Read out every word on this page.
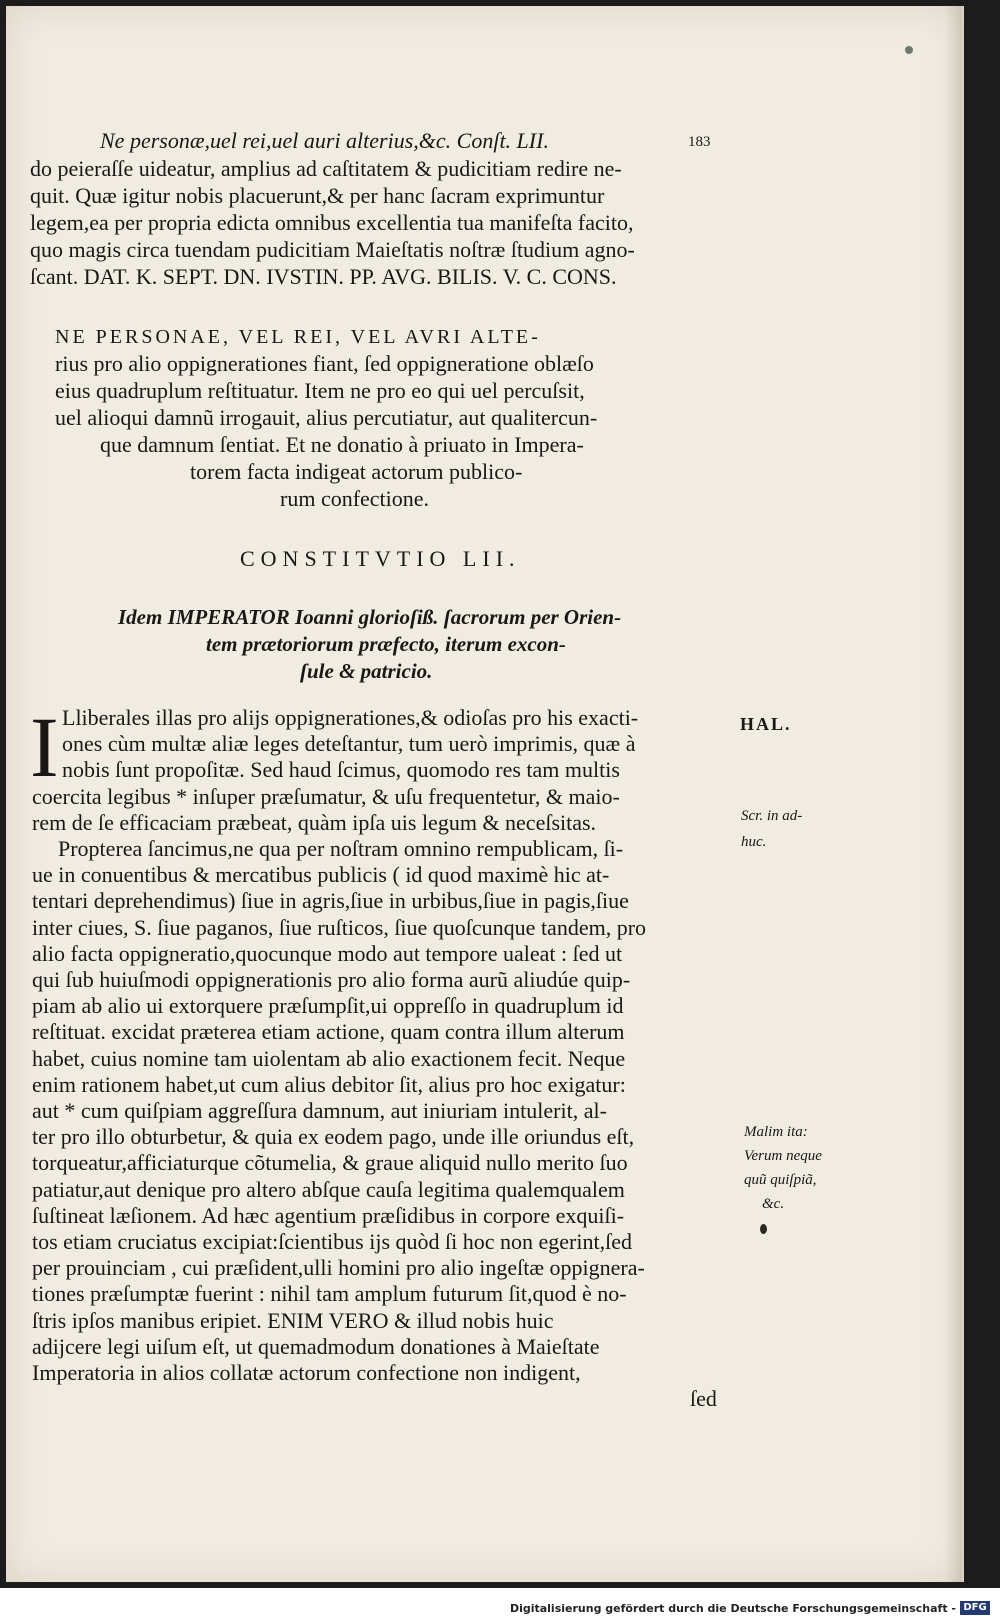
Ne personæ,uel rei,uel auri alterius,&c. Conſt. LII.	183
do peieraſſe uideatur, amplius ad caſtitatem & pudicitiam redire ne-
quit. Quæ igitur nobis placuerunt,& per hanc ſacram exprimuntur
legem,ea per propria edicta omnibus excellentia tua manifeſta facito,
quo magis circa tuendam pudicitiam Maieſtatis noſtræ ſtudium agno-
ſcant. DAT. K. SEPT. DN. IVSTIN. PP. AVG. BILIS. V. C. CONS.
NE PERSONAE, VEL REI, VEL AVRI ALTE-
rius pro alio oppignerationes fiant, ſed oppigneratione oblæſo
eius quadruplum reſtituatur. Item ne pro eo qui uel percuſsit,
uel alioqui damnũ irrogauit, alius percutiatur, aut qualitercun-
que damnum ſentiat. Et ne donatio à priuato in Impera-
torem facta indigeat actorum publico-
rum confectione.
CONSTITVTIO LII.
Idem IMPERATOR Ioanni glorioſiß. ſacrorum per Orien-
tem prætoriorum præfecto, iterum excon-
ſule & patricio.
I Lliberales illas pro alijs oppignerationes,& odioſas pro his exacti-
ones cùm multæ aliæ leges deteſtantur, tum uerò imprimis, quæ à
nobis ſunt propoſitæ. Sed haud ſcimus, quomodo res tam multis
coercita legibus * inſuper præſumatur, & uſu frequentetur, & maio-
rem de ſe efficaciam præbeat, quàm ipſa uis legum & neceſsitas.
Propterea ſancimus,ne qua per noſtram omnino rempublicam, ſi-
ue in conuentibus & mercatibus publicis ( id quod maximè hic at-
tentari deprehendimus) ſiue in agris,ſiue in urbibus,ſiue in pagis,ſiue
inter ciues, S. ſiue paganos, ſiue ruſticos, ſiue quoſcunque tandem, pro
alio facta oppigneratio,quocunque modo aut tempore ualeat : ſed ut
qui ſub huiuſmodi oppignerationis pro alio forma aurũ aliudúe quip-
piam ab alio ui extorquere præſumpſit,ui oppreſſo in quadruplum id
reſtituat. excidat præterea etiam actione, quam contra illum alterum
habet, cuius nomine tam uiolentam ab alio exactionem fecit. Neque
enim rationem habet,ut cum alius debitor ſit, alius pro hoc exigatur:
aut * cum quiſpiam aggreſſura damnum, aut iniuriam intulerit, al-
ter pro illo obturbetur, & quia ex eodem pago, unde ille oriundus eſt,
torqueatur,afficiaturque cõtumelia, & graue aliquid nullo merito ſuo
patiatur,aut denique pro altero abſque cauſa legitima qualemqualem
ſuſtineat læſionem. Ad hæc agentium præſidibus in corpore exquiſi-
tos etiam cruciatus excipiat:ſcientibus ijs quòd ſi hoc non egerint,ſed
per prouinciam , cui præſident,ulli homini pro alio ingeſtæ oppignera-
tiones præſumptæ fuerint : nihil tam amplum futurum ſit,quod è no-
ſtris ipſos manibus eripiet. ENIM VERO & illud nobis huic
adijcere legi uiſum eſt, ut quemadmodum donationes à Maieſtate
Imperatoria in alios collatæ actorum confectione non indigent,
ſed
HAL.
Scr. in ad-
huc.
Malim ita:
Verum neque
quũ quiſpiã,
&c.
Digitalisierung gefördert durch die Deutsche Forschungsgemeinschaft - DFG
